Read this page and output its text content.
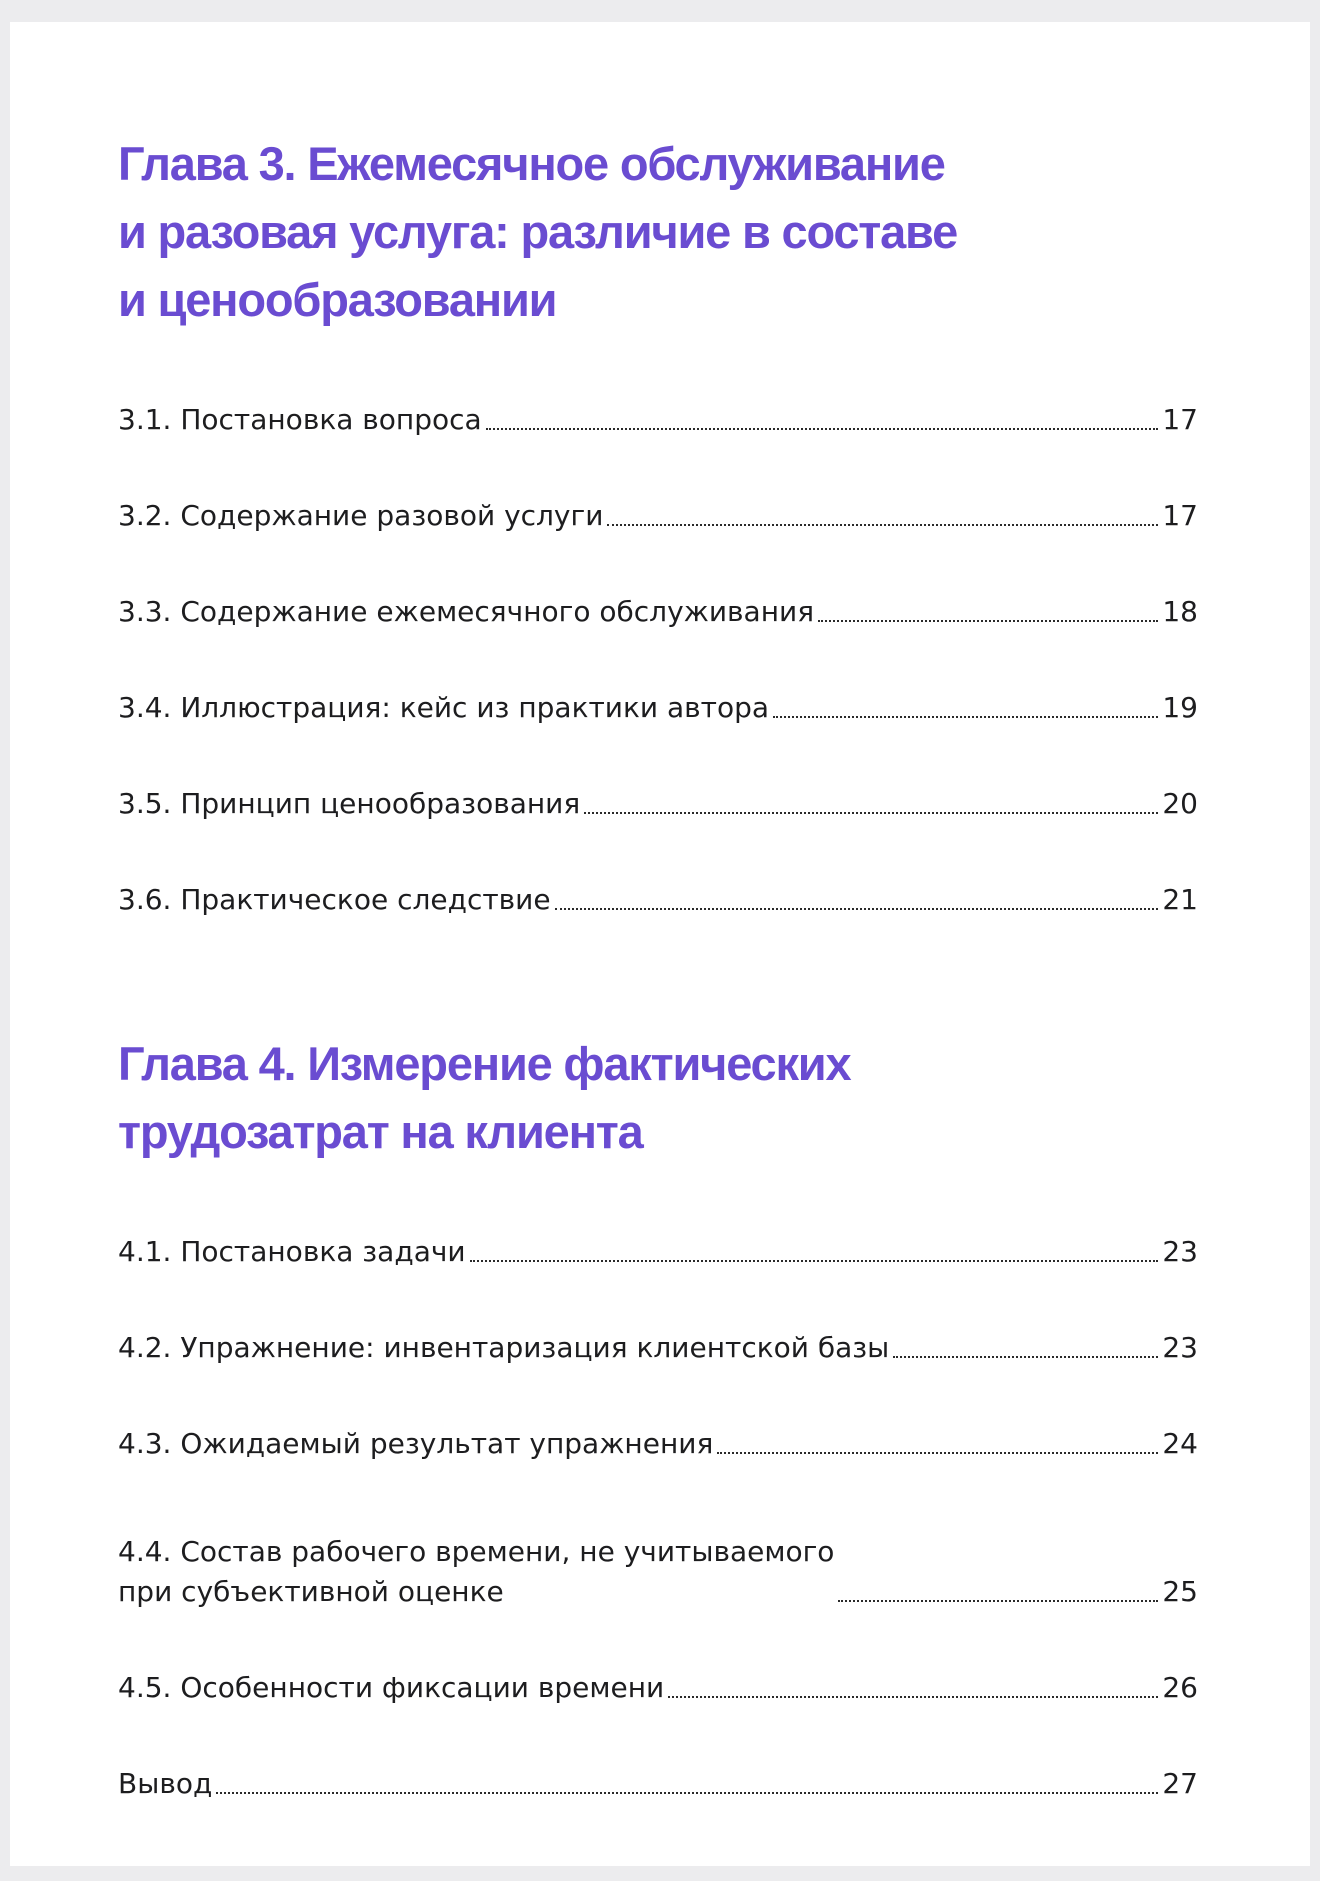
Глава 3. Ежемесячное обслуживание
и разовая услуга: различие в составе
и ценообразовании
3.1. Постановка вопроса	17
3.2. Содержание разовой услуги	17
3.3. Содержание ежемесячного обслуживания	18
3.4. Иллюстрация: кейс из практики автора	19
3.5. Принцип ценообразования	20
3.6. Практическое следствие	21
Глава 4. Измерение фактических
трудозатрат на клиента
4.1. Постановка задачи	23
4.2. Упражнение: инвентаризация клиентской базы	23
4.3. Ожидаемый результат упражнения	24
4.4. Состав рабочего времени, не учитываемого
при субъективной оценке	25
4.5. Особенности фиксации времени	26
Вывод	27
